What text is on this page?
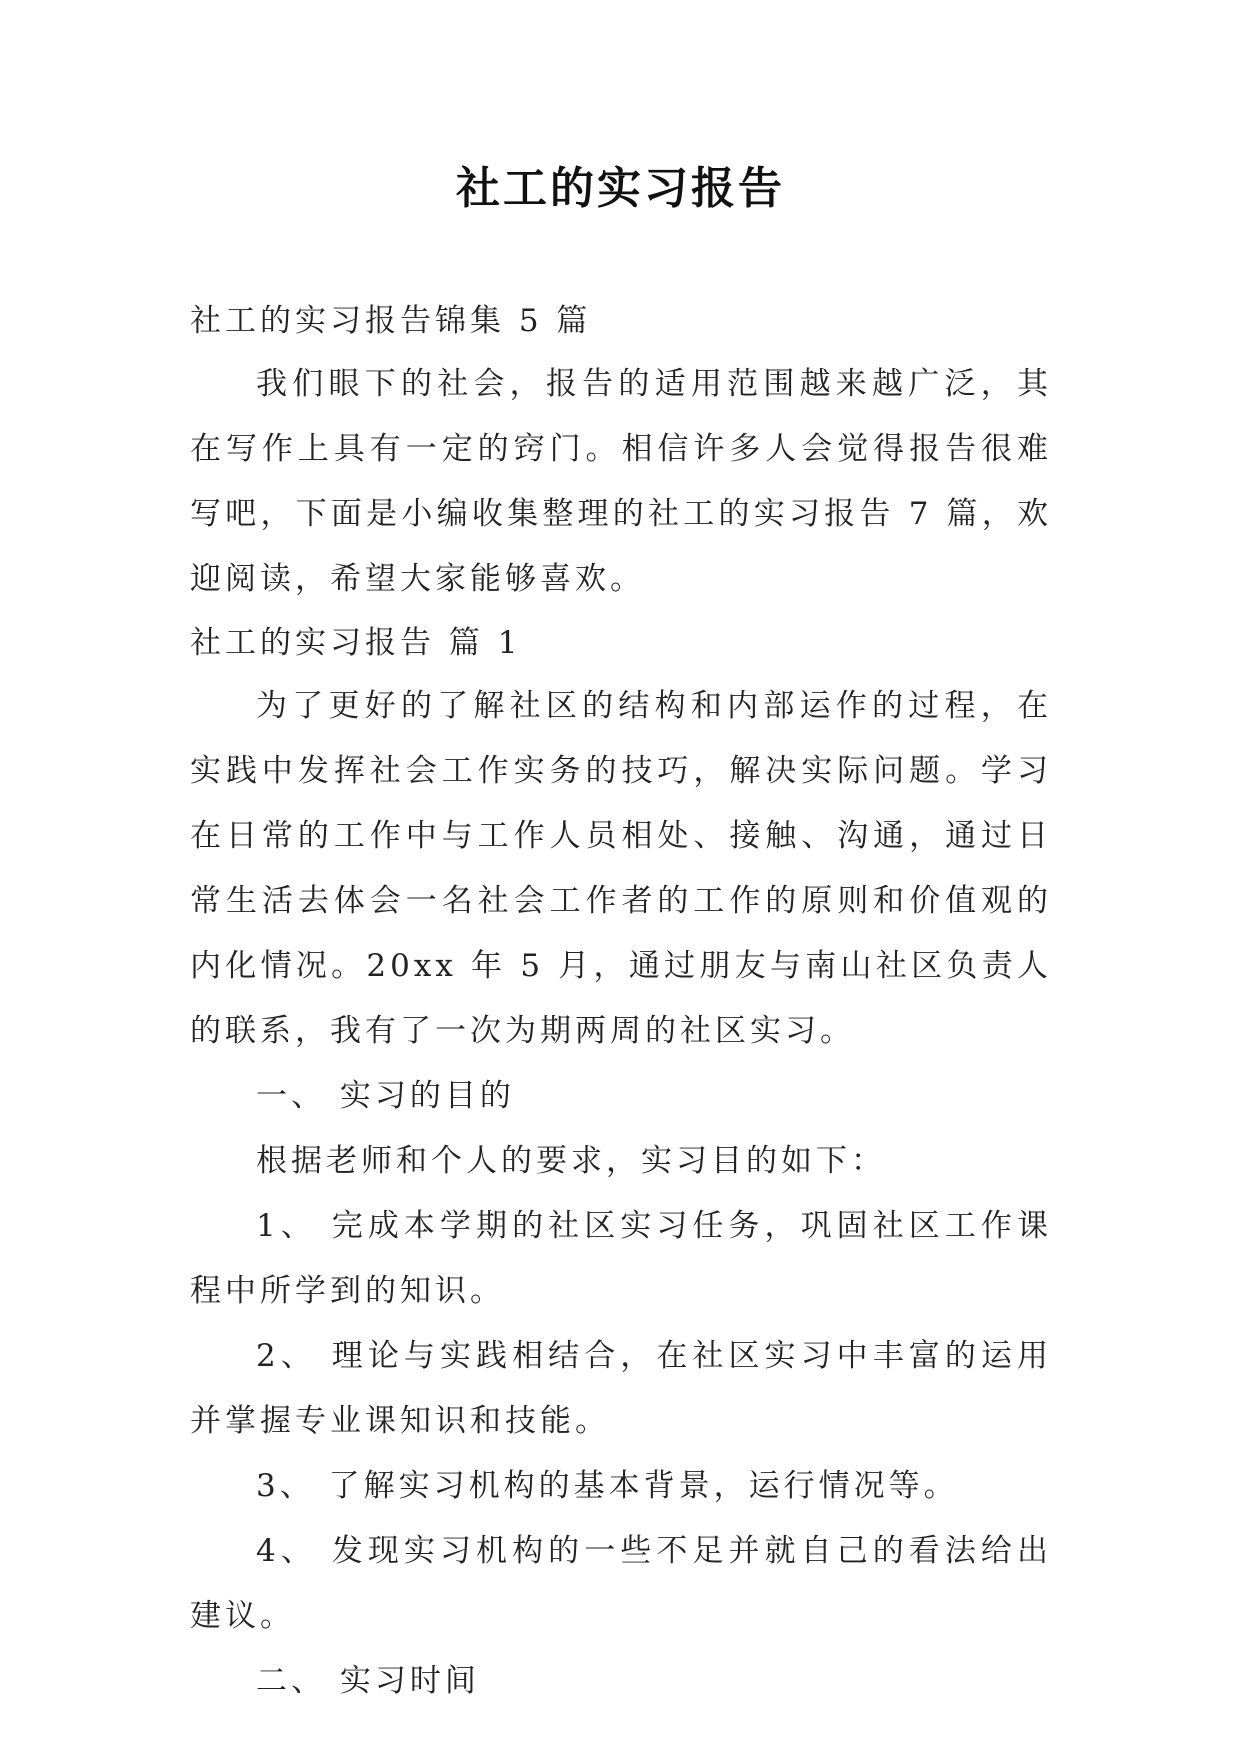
社工的实习报告

社工的实习报告锦集 5 篇

我们眼下的社会，报告的适用范围越来越广泛，其在写作上具有一定的窍门。相信许多人会觉得报告很难写吧，下面是小编收集整理的社工的实习报告 7 篇，欢迎阅读，希望大家能够喜欢。

社工的实习报告 篇 1

为了更好的了解社区的结构和内部运作的过程，在实践中发挥社会工作实务的技巧，解决实际问题。学习在日常的工作中与工作人员相处、接触、沟通，通过日常生活去体会一名社会工作者的工作的原则和价值观的内化情况。20xx 年 5 月，通过朋友与南山社区负责人的联系，我有了一次为期两周的社区实习。

一、 实习的目的

根据老师和个人的要求，实习目的如下：

1、 完成本学期的社区实习任务，巩固社区工作课程中所学到的知识。

2、 理论与实践相结合，在社区实习中丰富的运用并掌握专业课知识和技能。

3、 了解实习机构的基本背景，运行情况等。

4、 发现实习机构的一些不足并就自己的看法给出建议。

二、 实习时间
